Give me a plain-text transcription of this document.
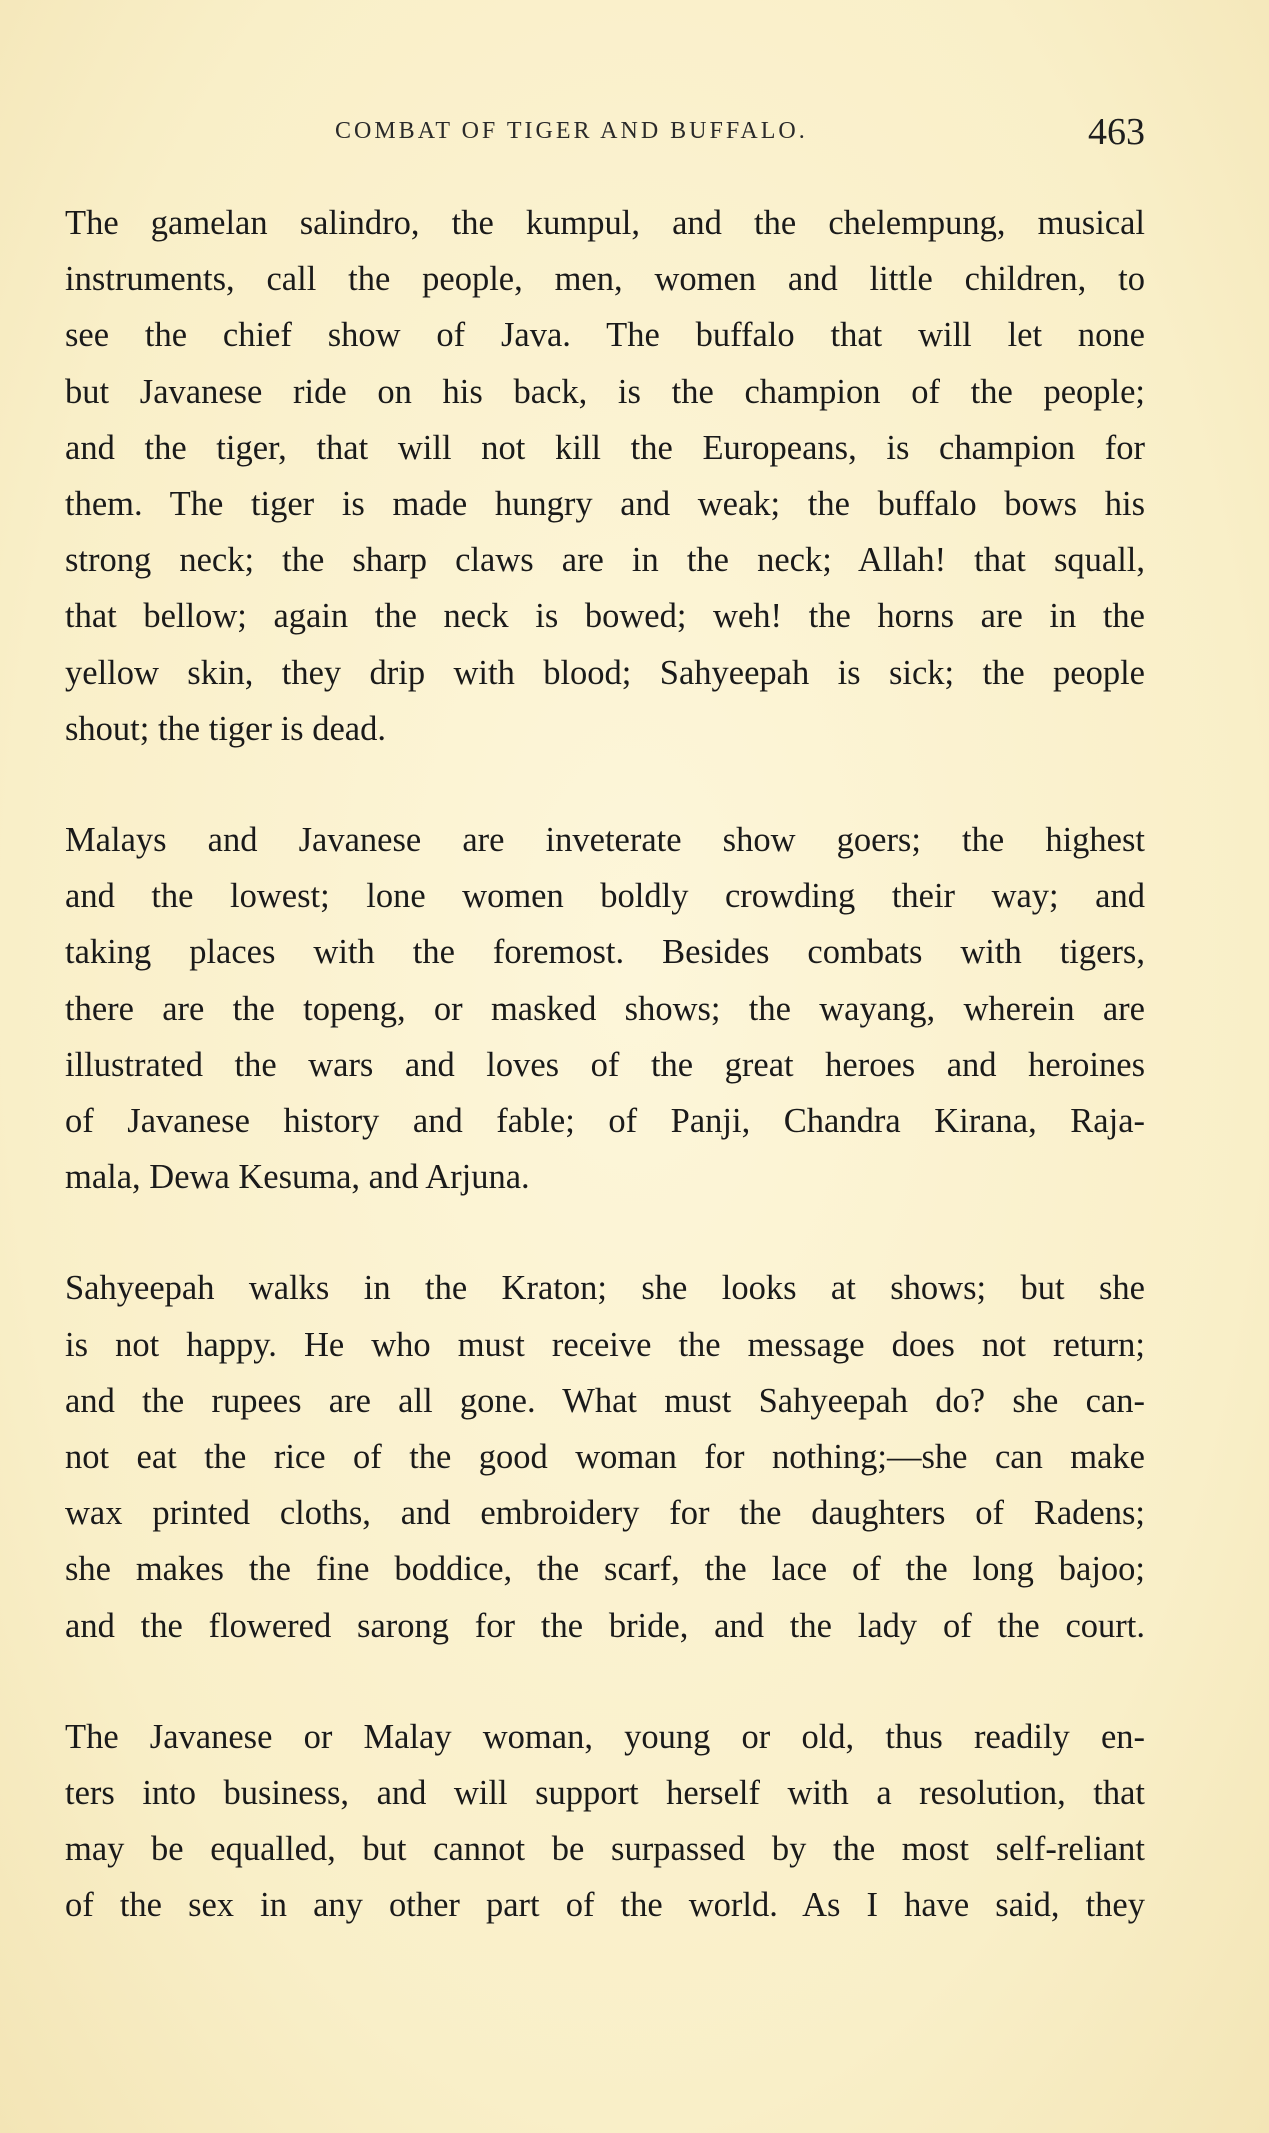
COMBAT OF TIGER AND BUFFALO.	463

The gamelan salindro, the kumpul, and the chelempung, musical
instruments, call the people, men, women and little children, to
see the chief show of Java. The buffalo that will let none
but Javanese ride on his back, is the champion of the people;
and the tiger, that will not kill the Europeans, is champion for
them. The tiger is made hungry and weak; the buffalo bows his
strong neck; the sharp claws are in the neck; Allah! that squall,
that bellow; again the neck is bowed; weh! the horns are in the
yellow skin, they drip with blood; Sahyeepah is sick; the people
shout; the tiger is dead.

Malays and Javanese are inveterate show goers; the highest
and the lowest; lone women boldly crowding their way; and
taking places with the foremost. Besides combats with tigers,
there are the topeng, or masked shows; the wayang, wherein are
illustrated the wars and loves of the great heroes and heroines
of Javanese history and fable; of Panji, Chandra Kirana, Raja-
mala, Dewa Kesuma, and Arjuna.

Sahyeepah walks in the Kraton; she looks at shows; but she
is not happy. He who must receive the message does not return;
and the rupees are all gone. What must Sahyeepah do? she can-
not eat the rice of the good woman for nothing;—she can make
wax printed cloths, and embroidery for the daughters of Radens;
she makes the fine boddice, the scarf, the lace of the long bajoo;
and the flowered sarong for the bride, and the lady of the court.

The Javanese or Malay woman, young or old, thus readily en-
ters into business, and will support herself with a resolution, that
may be equalled, but cannot be surpassed by the most self-reliant
of the sex in any other part of the world. As I have said, they
